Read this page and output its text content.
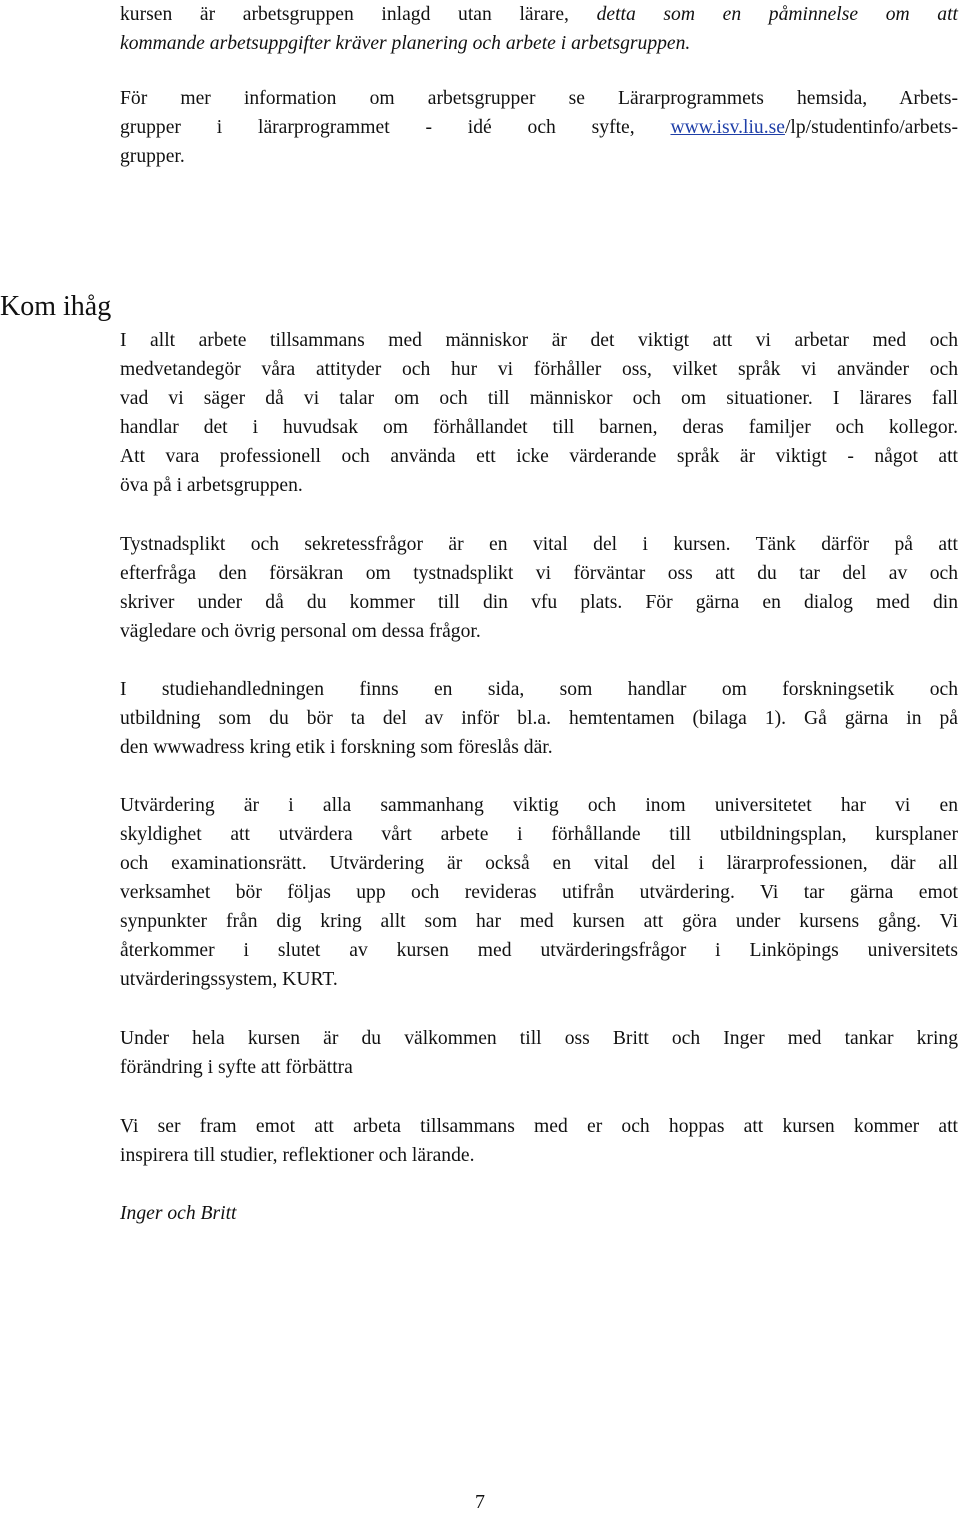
kursen är arbetsgruppen inlagd utan lärare, detta som en påminnelse om att
kommande arbetsuppgifter kräver planering och arbete i arbetsgruppen.
För mer information om arbetsgrupper se Lärarprogrammets hemsida, Arbets-
grupper i lärarprogrammet - idé och syfte, www.isv.liu.se/lp/studentinfo/arbets-
grupper.
Kom ihåg
I allt arbete tillsammans med människor är det viktigt att vi arbetar med och
medvetandegör våra attityder och hur vi förhåller oss, vilket språk vi använder och
vad vi säger då vi talar om och till människor och om situationer. I lärares fall
handlar det i huvudsak om förhållandet till barnen, deras familjer och kollegor.
Att vara professionell och använda ett icke värderande språk är viktigt - något att
öva på i arbetsgruppen.
Tystnadsplikt och sekretessfrågor är en vital del i kursen. Tänk därför på att
efterfråga den försäkran om tystnadsplikt vi förväntar oss att du tar del av och
skriver under då du kommer till din vfu plats. För gärna en dialog med din
vägledare och övrig personal om dessa frågor.
I studiehandledningen finns en sida, som handlar om forskningsetik och
utbildning som du bör ta del av inför bl.a. hemtentamen (bilaga 1). Gå gärna in på
den wwwadress kring etik i forskning som föreslås där.
Utvärdering är i alla sammanhang viktig och inom universitetet har vi en
skyldighet att utvärdera vårt arbete i förhållande till utbildningsplan, kursplaner
och examinationsrätt. Utvärdering är också en vital del i lärarprofessionen, där all
verksamhet bör följas upp och revideras utifrån utvärdering. Vi tar gärna emot
synpunkter från dig kring allt som har med kursen att göra under kursens gång. Vi
återkommer i slutet av kursen med utvärderingsfrågor i Linköpings universitets
utvärderingssystem, KURT.
Under hela kursen är du välkommen till oss Britt och Inger med tankar kring
förändring i syfte att förbättra
Vi ser fram emot att arbeta tillsammans med er och hoppas att kursen kommer att
inspirera till studier, reflektioner och lärande.
Inger och Britt
7
